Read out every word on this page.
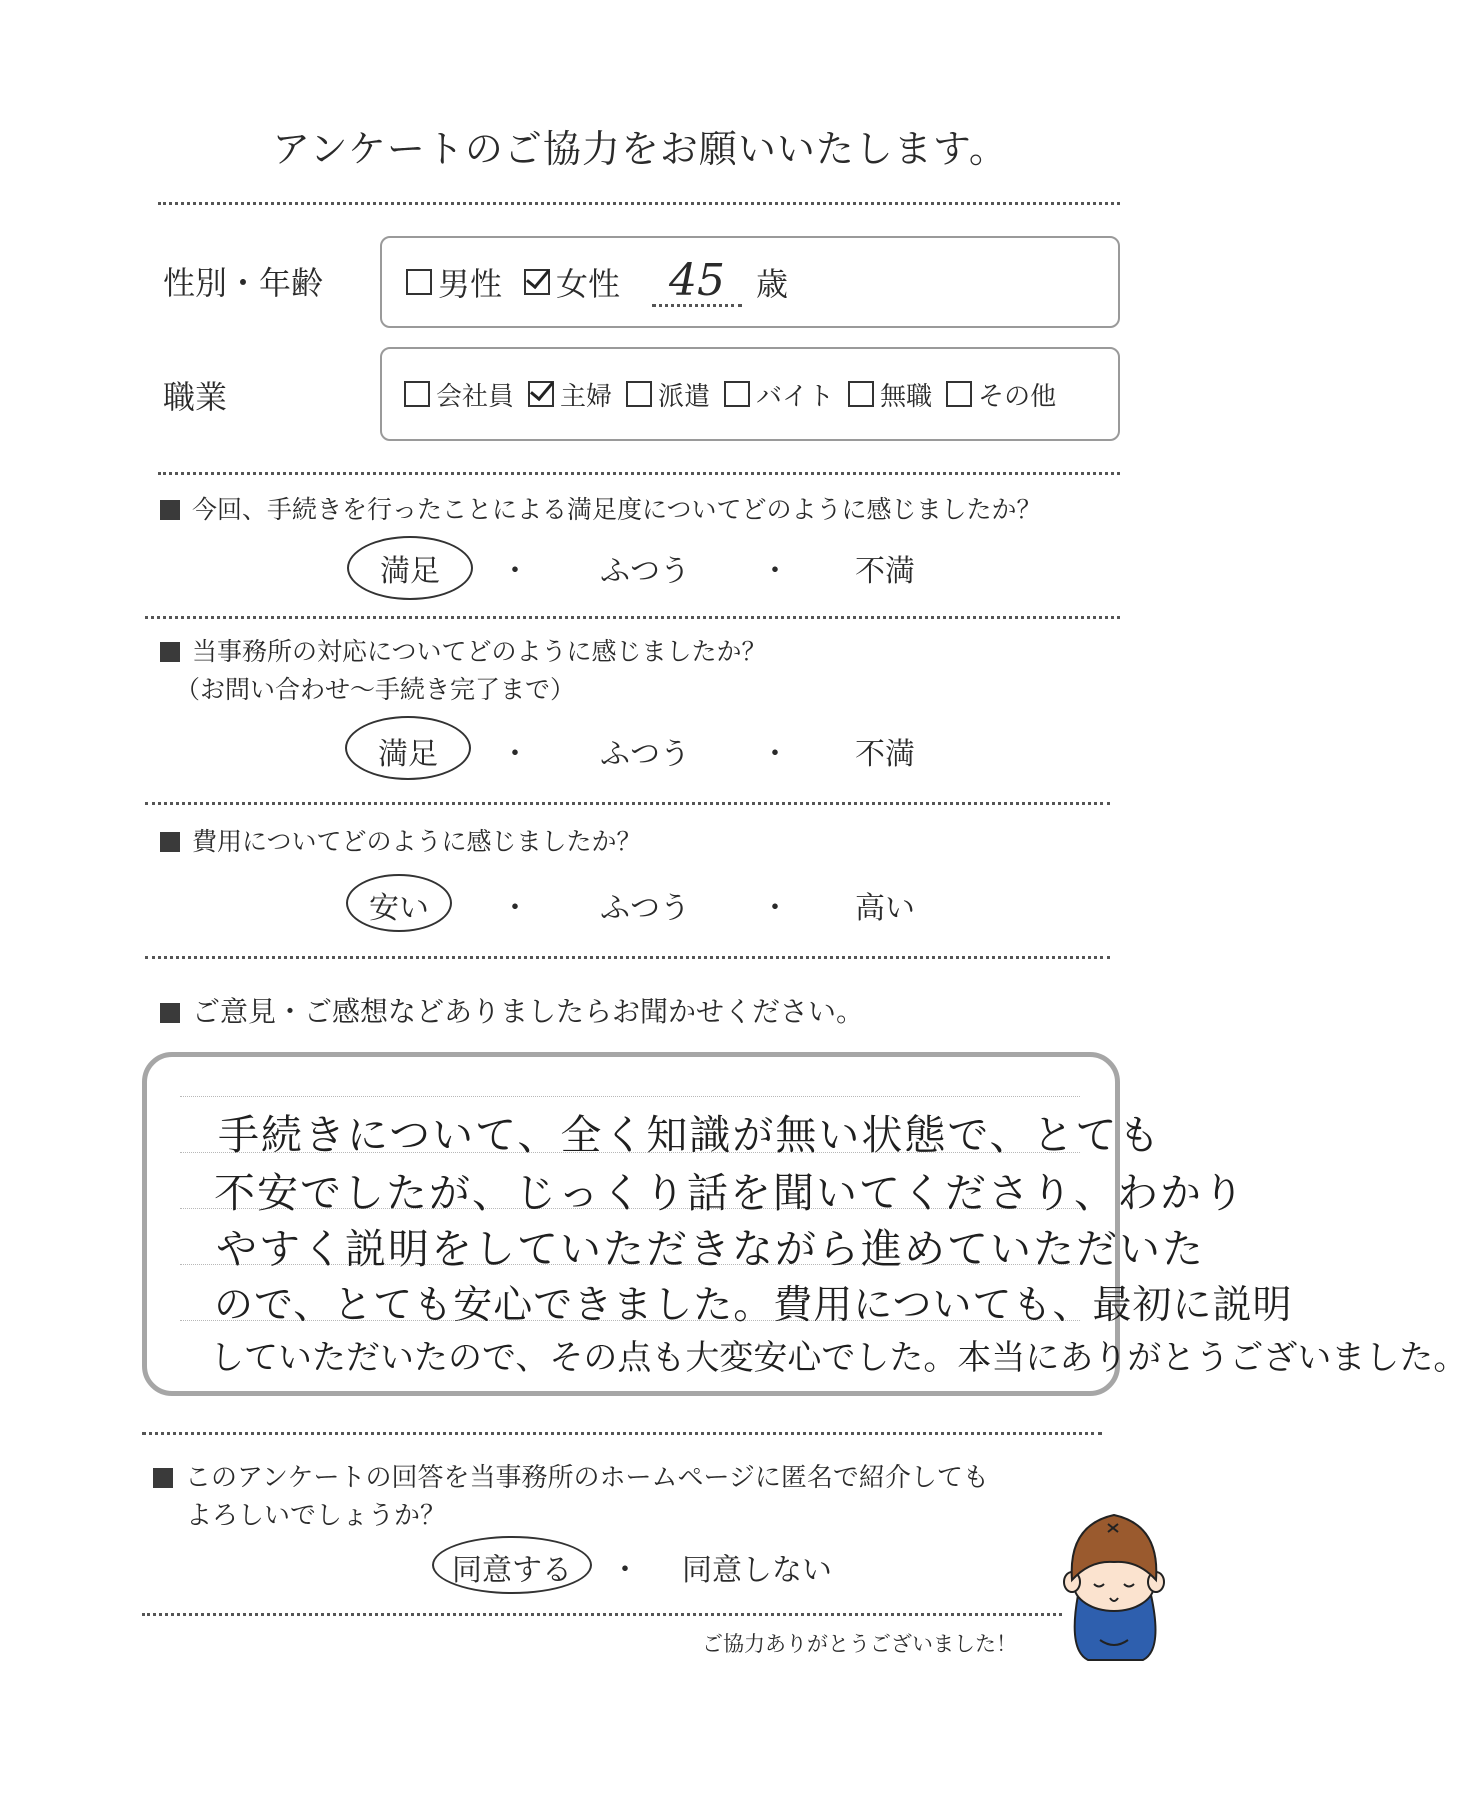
アンケートのご協力をお願いいたします。
性別・年齢	男性 女性	45 歳
職業	会社員 主婦 派遣 バイト 無職 その他
今回、手続きを行ったことによる満足度についてどのように感じましたか？
満足	・	ふつう	・	不満
当事務所の対応についてどのように感じましたか？
（お問い合わせ～手続き完了まで）
満足	・	ふつう	・	不満
費用についてどのように感じましたか？
安い	・	ふつう	・	高い
ご意見・ご感想などありましたらお聞かせください。
手続きについて、全く知識が無い状態で、とても
不安でしたが、じっくり話を聞いてくださり、わかり
やすく説明をしていただきながら進めていただいた
ので、とても安心できました。費用についても、最初に説明
していただいたので、その点も大変安心でした。本当にありがとうございました。
このアンケートの回答を当事務所のホームページに匿名で紹介しても
よろしいでしょうか？
同意する	・	同意しない
ご協力ありがとうございました！
